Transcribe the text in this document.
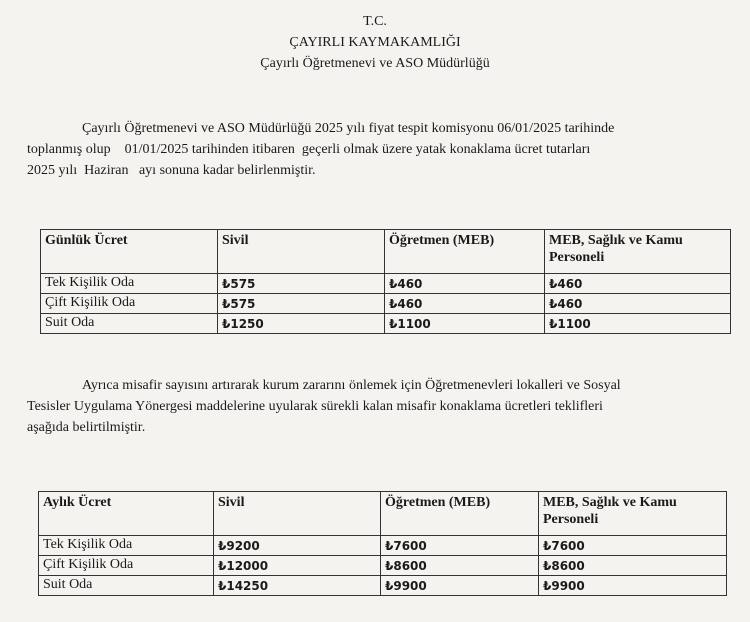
T.C.
ÇAYIRLI KAYMAKAMLIĞI
Çayırlı Öğretmenevi ve ASO Müdürlüğü
Çayırlı Öğretmenevi ve ASO Müdürlüğü 2025 yılı fiyat tespit komisyonu 06/01/2025 tarihinde
toplanmış olup    01/01/2025 tarihinden itibaren  geçerli olmak üzere yatak konaklama ücret tutarları
2025 yılı  Haziran   ayı sonuna kadar belirlenmiştir.
Günlük Ücret	Sivil	Öğretmen (MEB)	MEB, Sağlık ve Kamu Personeli
Tek Kişilik Oda	₺575	₺460	₺460
Çift Kişilik Oda	₺575	₺460	₺460
Suit Oda	₺1250	₺1100	₺1100
Ayrıca misafir sayısını artırarak kurum zararını önlemek için Öğretmenevleri lokalleri ve Sosyal
Tesisler Uygulama Yönergesi maddelerine uyularak sürekli kalan misafir konaklama ücretleri teklifleri
aşağıda belirtilmiştir.
Aylık Ücret	Sivil	Öğretmen (MEB)	MEB, Sağlık ve Kamu Personeli
Tek Kişilik Oda	₺9200	₺7600	₺7600
Çift Kişilik Oda	₺12000	₺8600	₺8600
Suit Oda	₺14250	₺9900	₺9900
